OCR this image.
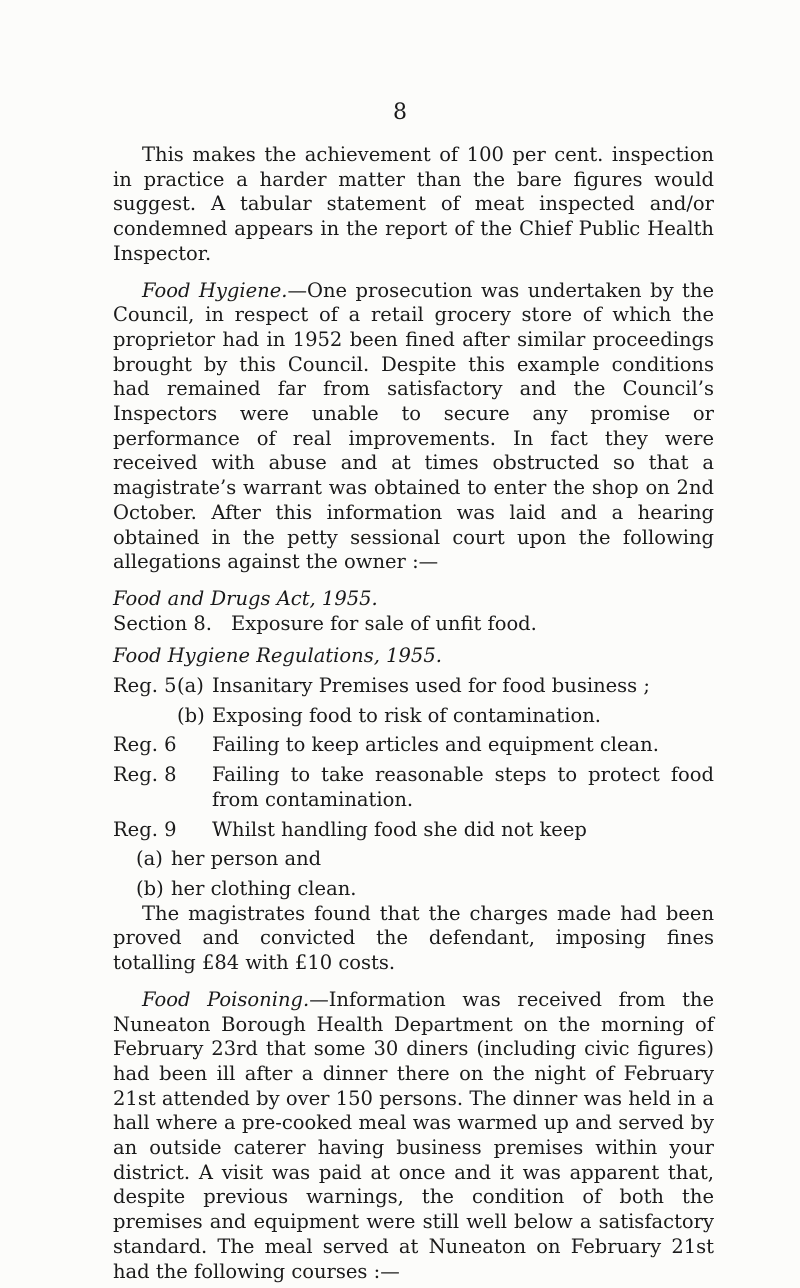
8

This makes the achievement of 100 per cent. inspection in practice a harder matter than the bare figures would suggest. A tabular statement of meat inspected and/or condemned appears in the report of the Chief Public Health Inspector.

Food Hygiene.—One prosecution was undertaken by the Council, in respect of a retail grocery store of which the proprietor had in 1952 been fined after similar proceedings brought by this Council. Despite this example conditions had remained far from satisfactory and the Council’s Inspectors were unable to secure any promise or performance of real improvements. In fact they were received with abuse and at times obstructed so that a magistrate’s warrant was obtained to enter the shop on 2nd October. After this information was laid and a hearing obtained in the petty sessional court upon the following allegations against the owner :—

Food and Drugs Act, 1955.
Section 8. Exposure for sale of unfit food.
Food Hygiene Regulations, 1955.
Reg. 5 (a) Insanitary Premises used for food business ;
(b) Exposing food to risk of contamination.
Reg. 6 Failing to keep articles and equipment clean.
Reg. 8 Failing to take reasonable steps to protect food from contamination.
Reg. 9 Whilst handling food she did not keep
(a) her person and
(b) her clothing clean.

The magistrates found that the charges made had been proved and convicted the defendant, imposing fines totalling £84 with £10 costs.

Food Poisoning.—Information was received from the Nuneaton Borough Health Department on the morning of February 23rd that some 30 diners (including civic figures) had been ill after a dinner there on the night of February 21st attended by over 150 persons. The dinner was held in a hall where a pre-cooked meal was warmed up and served by an outside caterer having business premises within your district. A visit was paid at once and it was apparent that, despite previous warnings, the condition of both the premises and equipment were still well below a satisfactory standard. The meal served at Nuneaton on February 21st had the following courses :—
